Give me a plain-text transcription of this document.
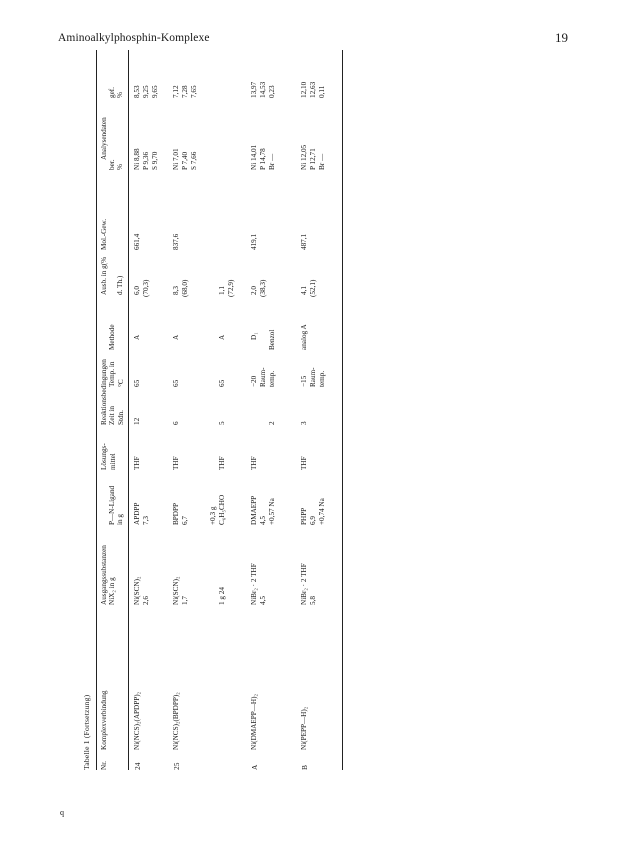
Aminoalkylphosphin-Komplexe	19
q
Tabelle 1 (Fortsetzung) Nr.
Komplexverbindung
Ausgangssubstanzen NiX₂ in g
P—N-Ligand in g
Lösungs- mittel
Reaktionsbedingungen Zeit in Stdn.
Temp. in °C
Methode
Ausb. in g(% d. Th.)
Mol.-Gew.
Analysendaten
ber. %
gef. %
24
Ni(NCS)₂(APDPP)₂
Ni(SCN)₂ 2,6
APDPP 7,3
THF
12
65
A
6,0 (70,3)
661,4
Ni 8,88 P 9,36 S 9,70
8,53 9,25 9,65
25
Ni(NCS)₂(BPDPP)₂
Ni(SCN)₂ 1,7
BPDPP 6,7
THF
6
65
A
8,3 (68,0)
837,6
Ni 7,01 P 7,40 S 7,66
7,12 7,28 7,65
1 g 24
+0,3 g C₆H₅CHO
THF
5
65
A
1,1 (72,9)
A
Ni(DMAEPP—H)₂
NiBr₂ · 2 THF 4,5
DMAEPP 4,5 +0,57 Na
THF
2
−20 Raum- temp.
D₁ Benzol
2,0 (38,3)
419,1
Ni 14,01 P 14,78 Br —
13,97 14,53 0,23
B
Ni(PEPP—H)₂
NiBr₂ · 2 THF 5,8
PHPP 6,9 +0,74 Na
THF
3
−15 Raum- temp.
analog A
4,1 (52,1)
487,1
Ni 12,05 P 12,71 Br —
12,10 12,63 0,11
